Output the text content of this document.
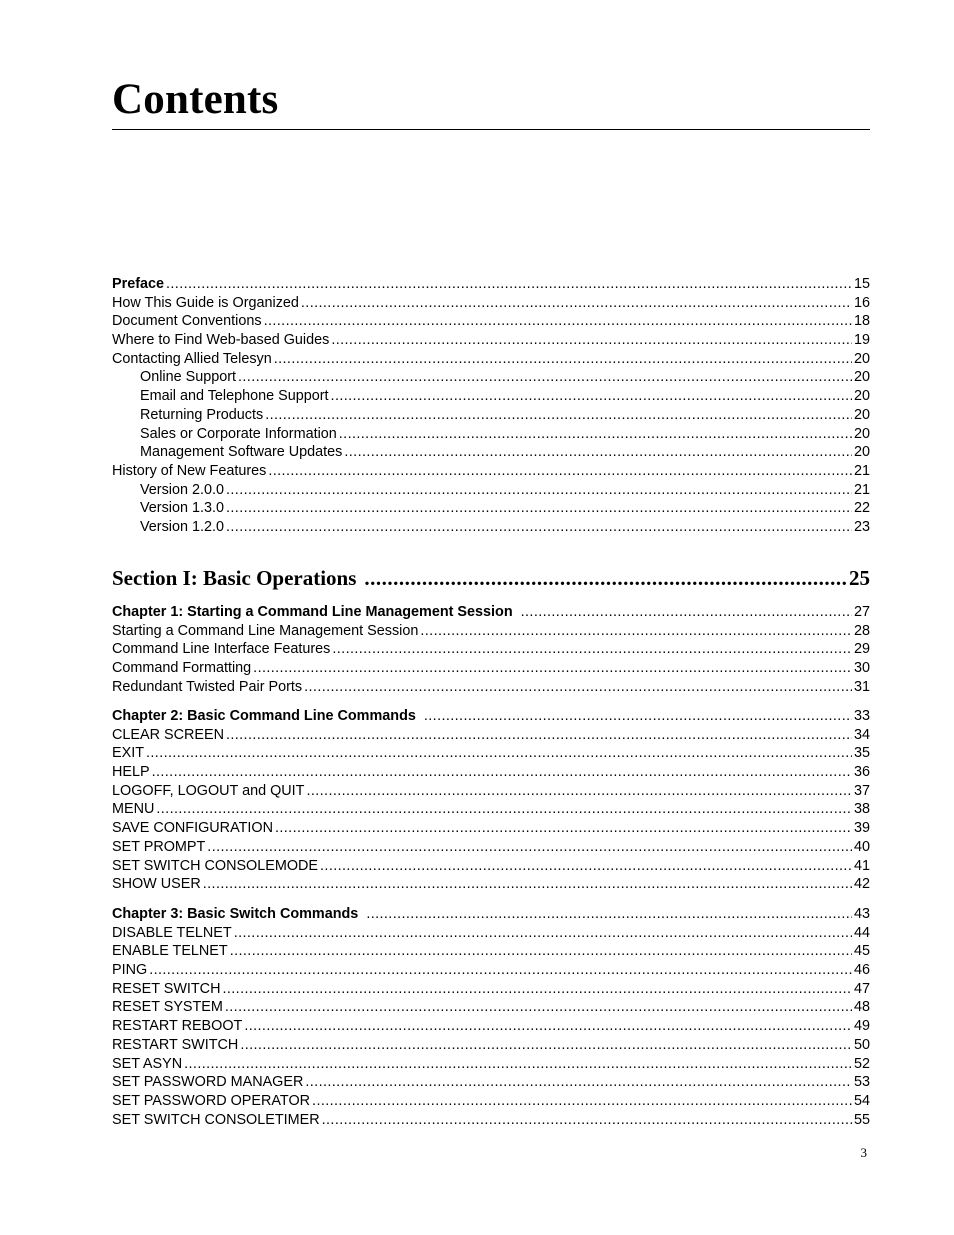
Contents
Preface .....	15
How This Guide is Organized .....	16
Document Conventions .....	18
Where to Find Web-based Guides .....	19
Contacting Allied Telesyn .....	20
Online Support .....	20
Email and Telephone Support .....	20
Returning Products .....	20
Sales or Corporate Information .....	20
Management Software Updates .....	20
History of New Features .....	21
Version 2.0.0 .....	21
Version 1.3.0 .....	22
Version 1.2.0 .....	23
Section I: Basic Operations .....	25
Chapter 1: Starting a Command Line Management Session .....	27
Starting a Command Line Management Session .....	28
Command Line Interface Features .....	29
Command Formatting .....	30
Redundant Twisted Pair Ports .....	31
Chapter 2: Basic Command Line Commands .....	33
CLEAR SCREEN .....	34
EXIT .....	35
HELP .....	36
LOGOFF, LOGOUT and QUIT .....	37
MENU .....	38
SAVE CONFIGURATION .....	39
SET PROMPT .....	40
SET SWITCH CONSOLEMODE .....	41
SHOW USER .....	42
Chapter 3: Basic Switch Commands .....	43
DISABLE TELNET .....	44
ENABLE TELNET .....	45
PING .....	46
RESET SWITCH .....	47
RESET SYSTEM .....	48
RESTART REBOOT .....	49
RESTART SWITCH .....	50
SET ASYN .....	52
SET PASSWORD MANAGER .....	53
SET PASSWORD OPERATOR .....	54
SET SWITCH CONSOLETIMER .....	55
3
